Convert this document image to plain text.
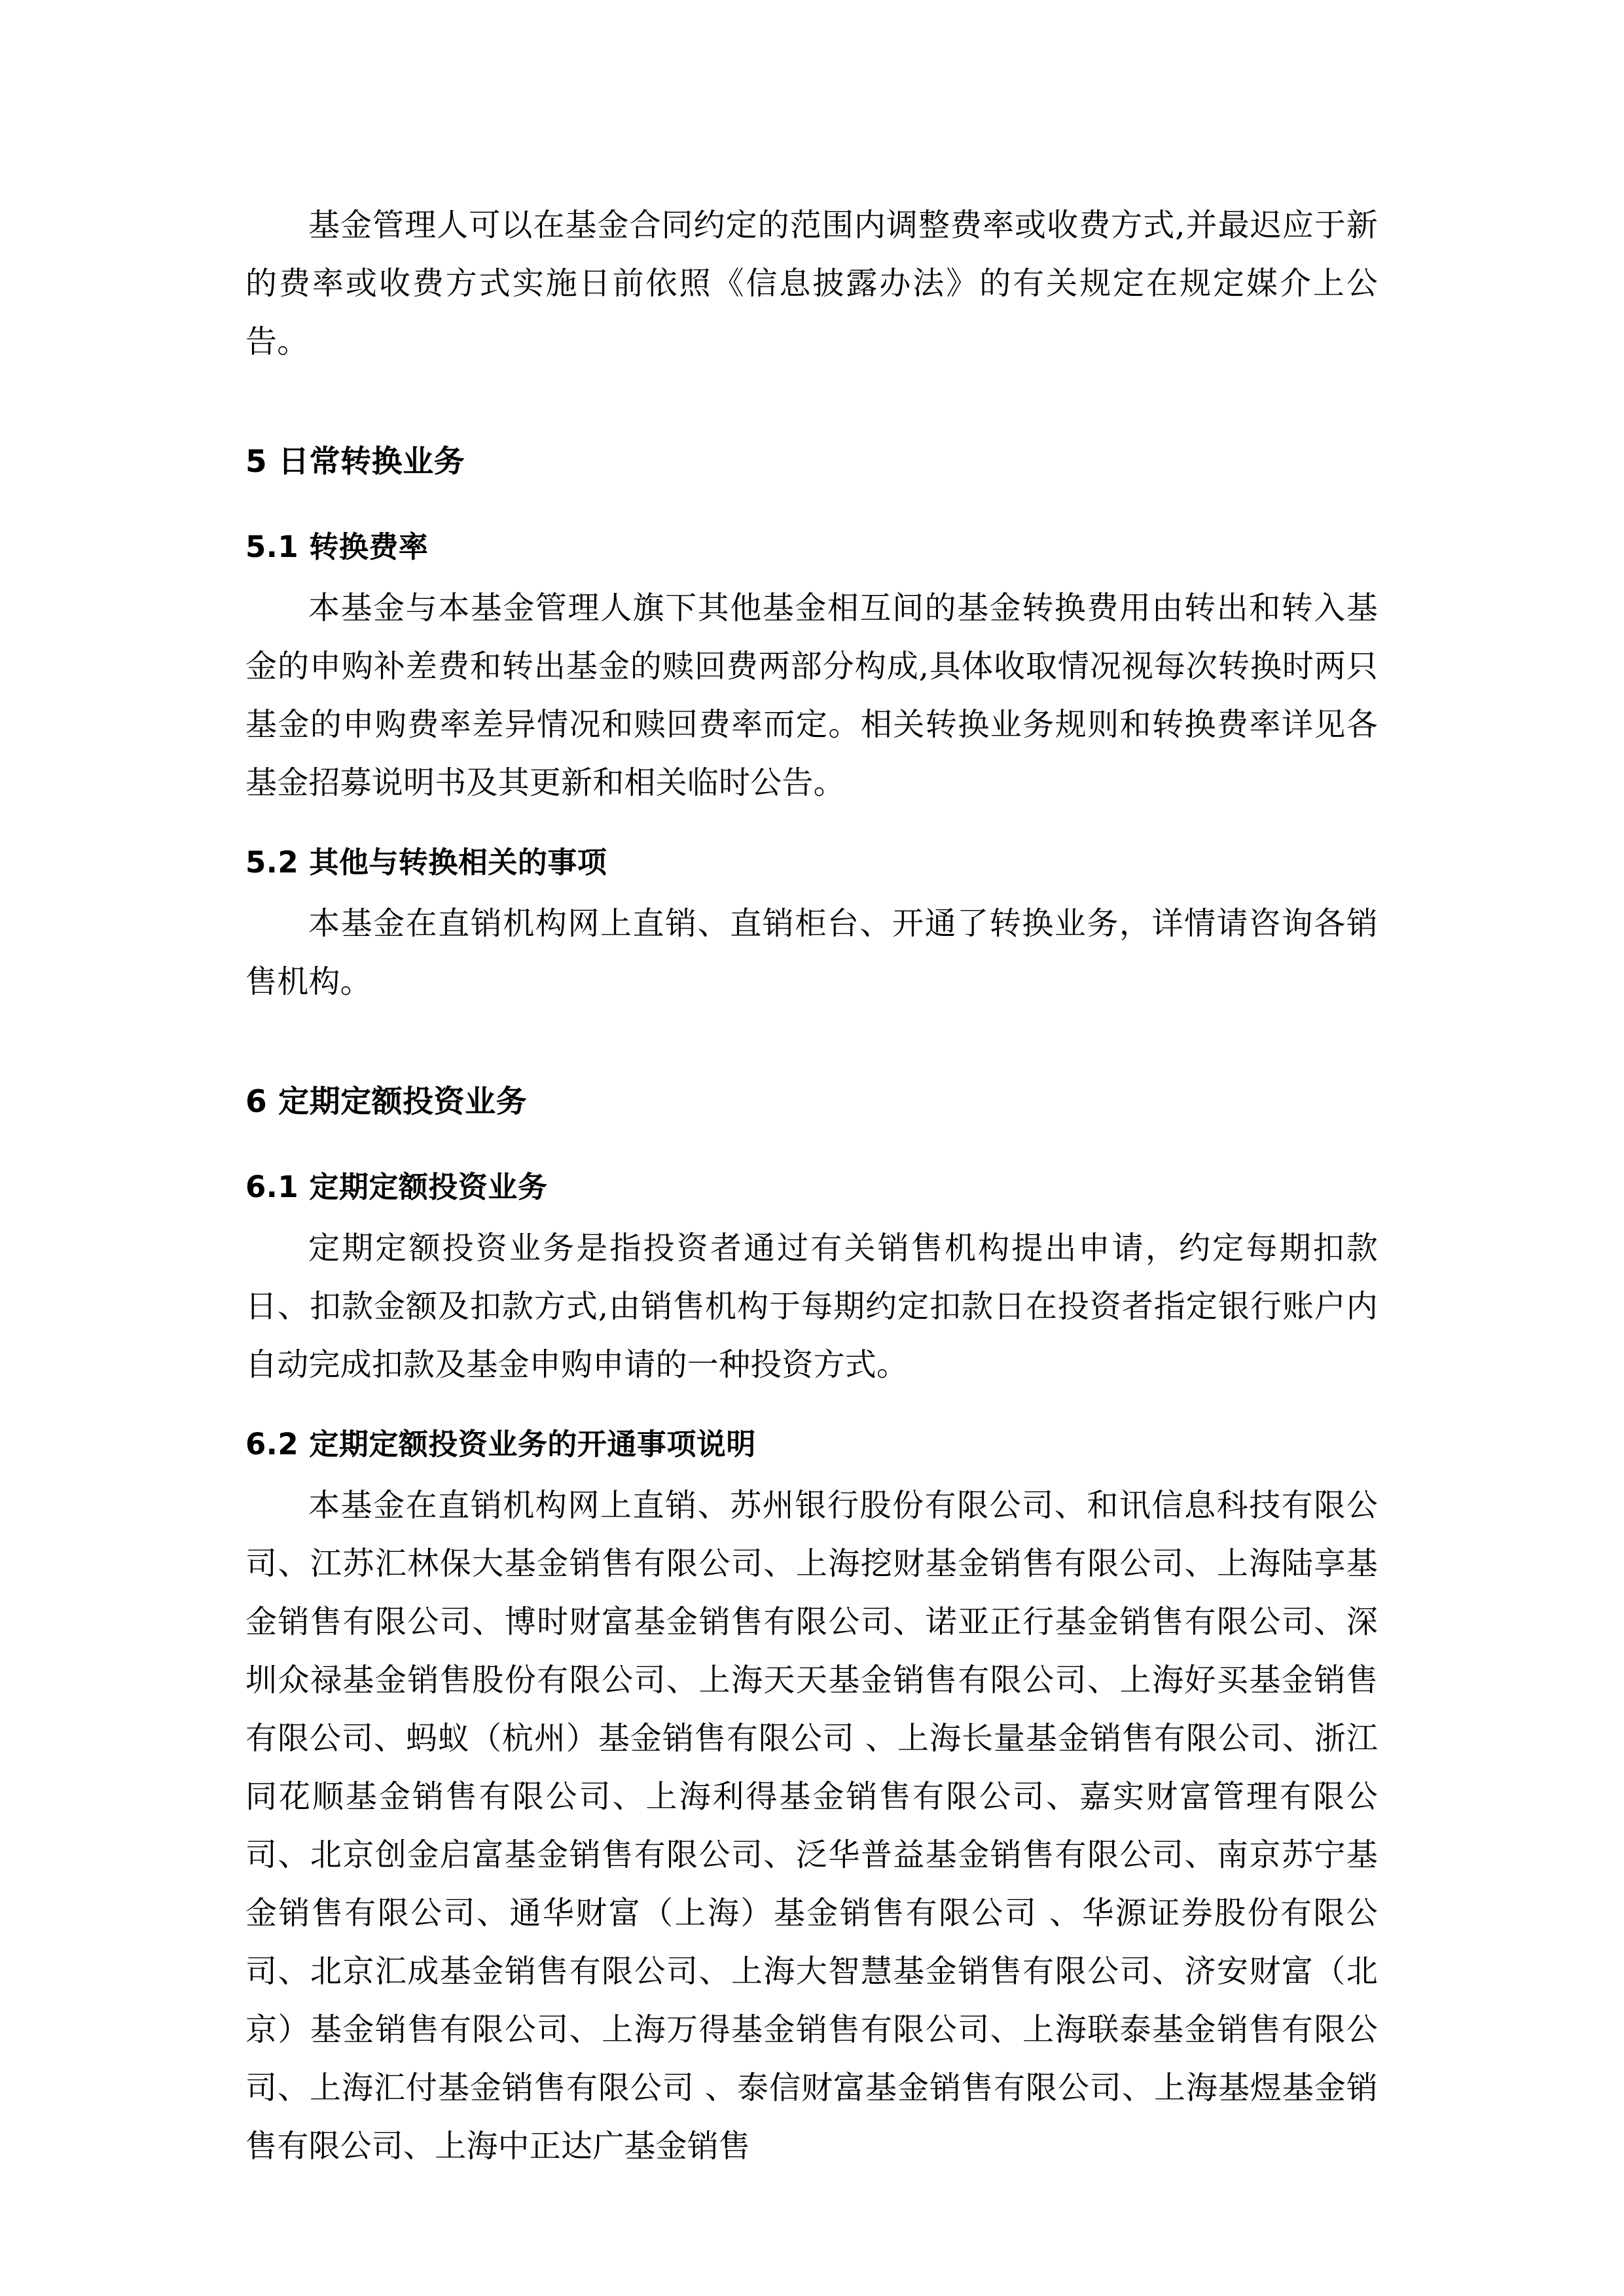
基金管理人可以在基金合同约定的范围内调整费率或收费方式,并最迟应于新的费率或收费方式实施日前依照《信息披露办法》的有关规定在规定媒介上公告。

5 日常转换业务
5.1 转换费率

本基金与本基金管理人旗下其他基金相互间的基金转换费用由转出和转入基金的申购补差费和转出基金的赎回费两部分构成,具体收取情况视每次转换时两只基金的申购费率差异情况和赎回费率而定。相关转换业务规则和转换费率详见各基金招募说明书及其更新和相关临时公告。

5.2 其他与转换相关的事项

本基金在直销机构网上直销、直销柜台、开通了转换业务，详情请咨询各销售机构。

6 定期定额投资业务
6.1 定期定额投资业务

定期定额投资业务是指投资者通过有关销售机构提出申请，约定每期扣款日、扣款金额及扣款方式,由销售机构于每期约定扣款日在投资者指定银行账户内自动完成扣款及基金申购申请的一种投资方式。

6.2 定期定额投资业务的开通事项说明

本基金在直销机构网上直销、苏州银行股份有限公司、和讯信息科技有限公司、江苏汇林保大基金销售有限公司、上海挖财基金销售有限公司、上海陆享基金销售有限公司、博时财富基金销售有限公司、诺亚正行基金销售有限公司、深圳众禄基金销售股份有限公司、上海天天基金销售有限公司、上海好买基金销售有限公司、蚂蚁（杭州）基金销售有限公司 、上海长量基金销售有限公司、浙江同花顺基金销售有限公司、上海利得基金销售有限公司、嘉实财富管理有限公司、北京创金启富基金销售有限公司、泛华普益基金销售有限公司、南京苏宁基金销售有限公司、通华财富（上海）基金销售有限公司 、华源证券股份有限公司、北京汇成基金销售有限公司、上海大智慧基金销售有限公司、济安财富（北京）基金销售有限公司、上海万得基金销售有限公司、上海联泰基金销售有限公司、上海汇付基金销售有限公司 、泰信财富基金销售有限公司、上海基煜基金销售有限公司、上海中正达广基金销售
